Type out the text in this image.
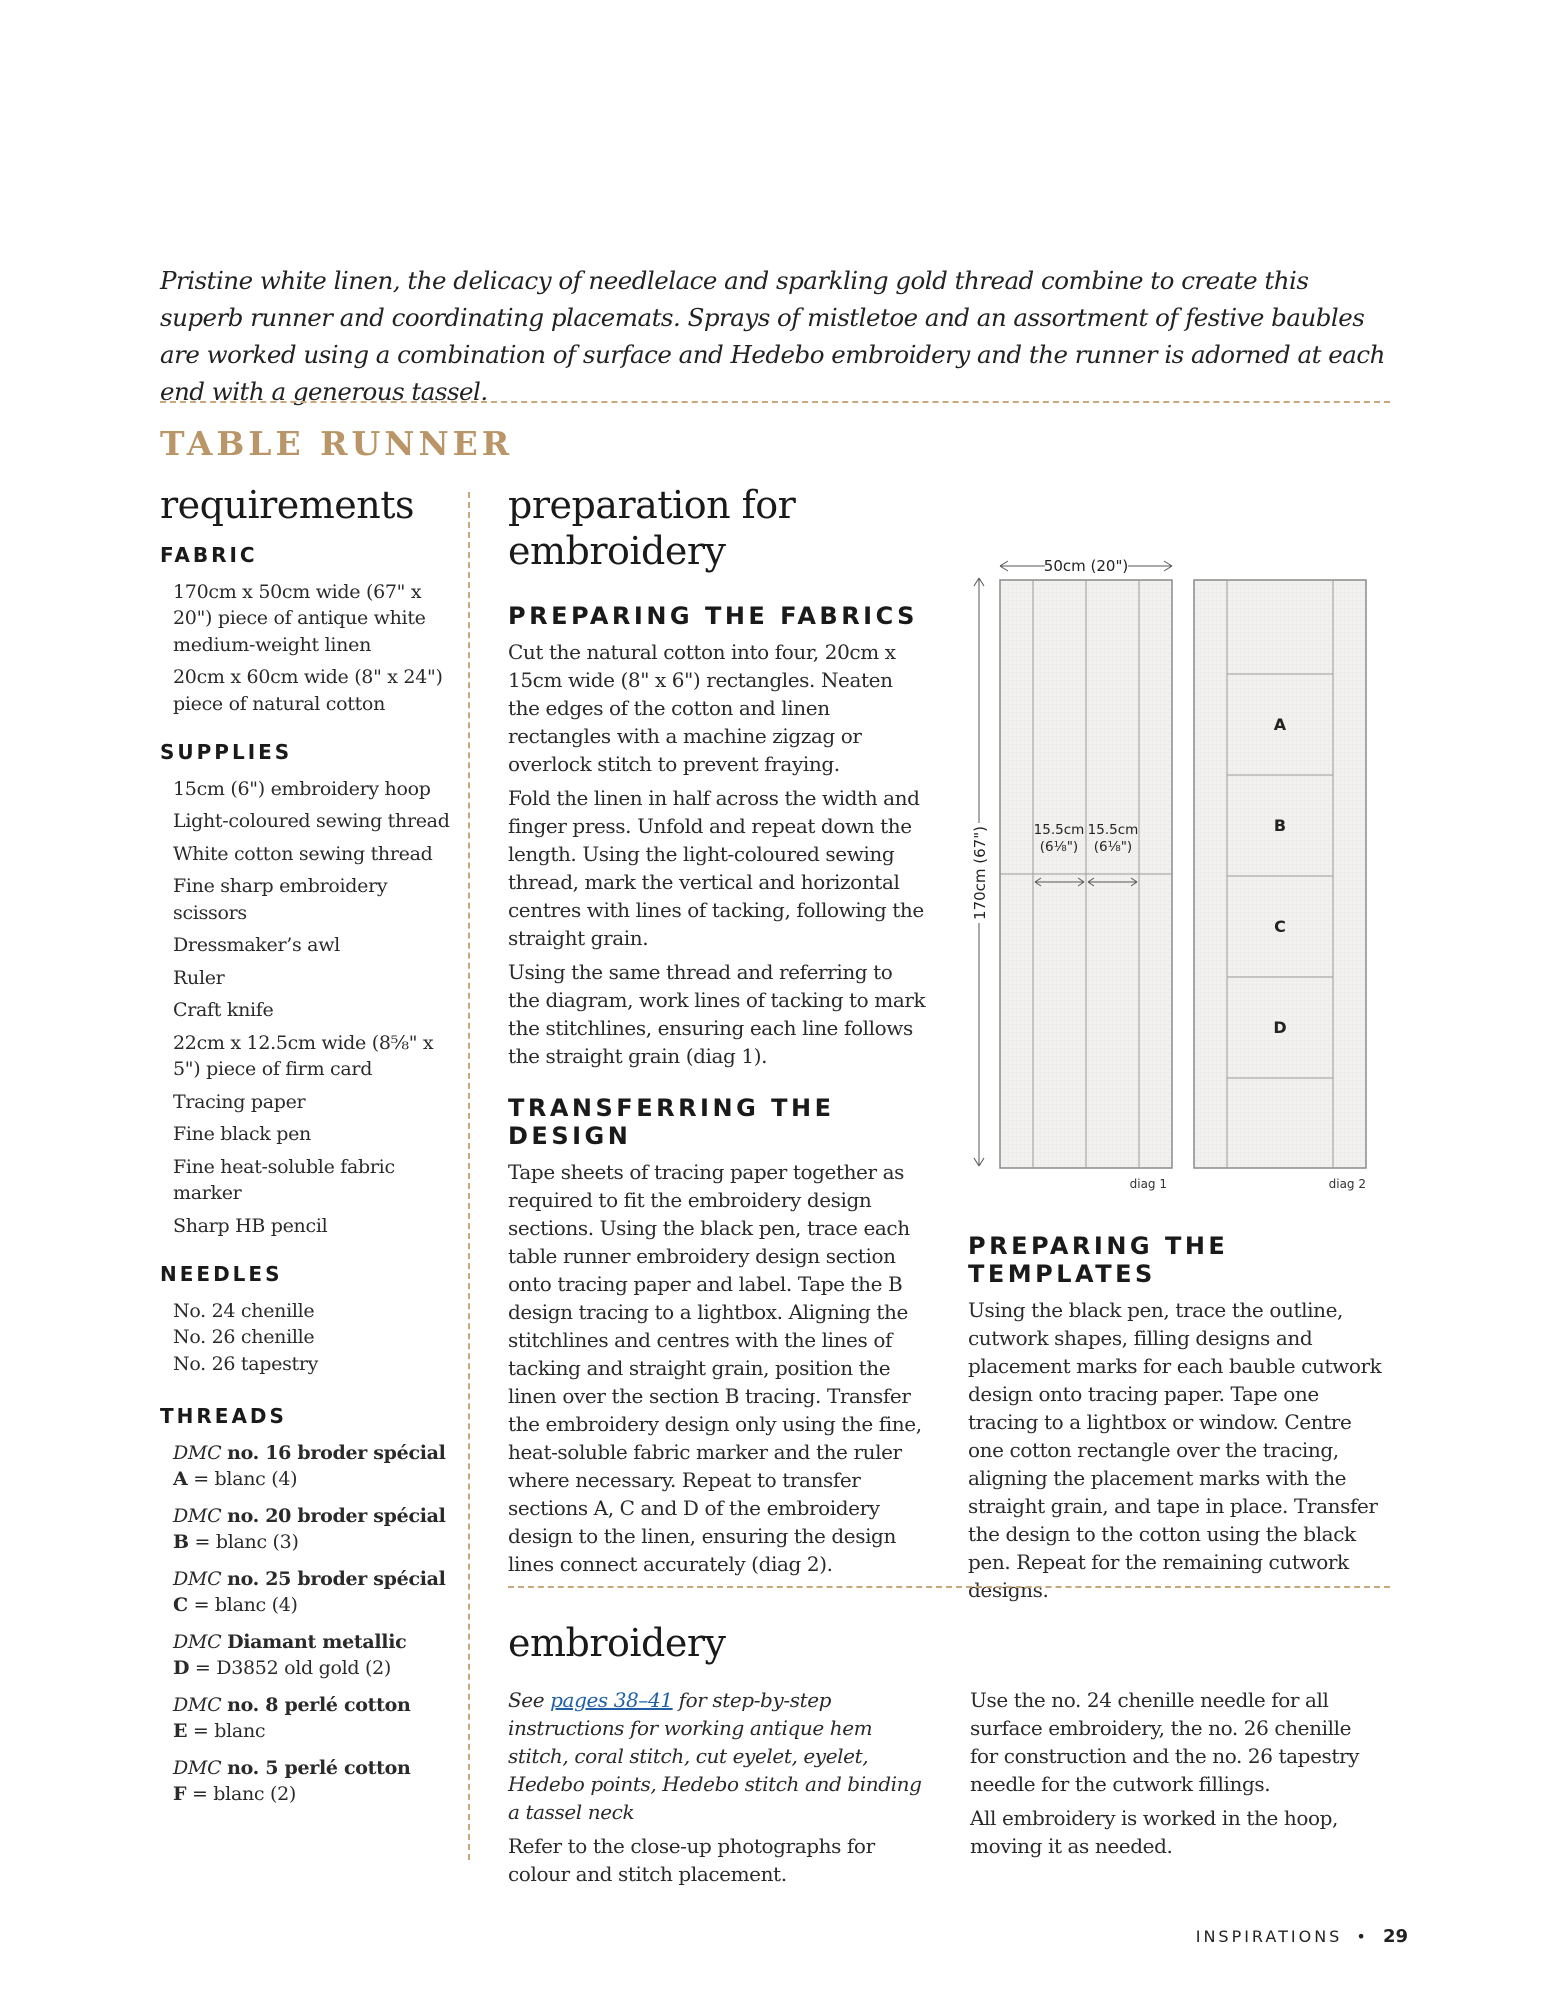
Pristine white linen, the delicacy of needlelace and sparkling gold thread combine to create this superb runner and coordinating placemats. Sprays of mistletoe and an assortment of festive baubles are worked using a combination of surface and Hedebo embroidery and the runner is adorned at each end with a generous tassel.
TABLE RUNNER
requirements
FABRIC
170cm x 50cm wide (67" x 20") piece of antique white medium-weight linen
20cm x 60cm wide (8" x 24") piece of natural cotton
SUPPLIES
15cm (6") embroidery hoop
Light-coloured sewing thread
White cotton sewing thread
Fine sharp embroidery scissors
Dressmaker’s awl
Ruler
Craft knife
22cm x 12.5cm wide (8⅝" x 5") piece of firm card
Tracing paper
Fine black pen
Fine heat-soluble fabric marker
Sharp HB pencil
NEEDLES
No. 24 chenille
No. 26 chenille
No. 26 tapestry
THREADS
DMC no. 16 broder spécial
A = blanc (4)
DMC no. 20 broder spécial
B = blanc (3)
DMC no. 25 broder spécial
C = blanc (4)
DMC Diamant metallic
D = D3852 old gold (2)
DMC no. 8 perlé cotton
E = blanc
DMC no. 5 perlé cotton
F = blanc (2)
preparation for
embroidery
PREPARING THE FABRICS

Cut the natural cotton into four, 20cm x 15cm wide (8" x 6") rectangles. Neaten the edges of the cotton and linen rectangles with a machine zigzag or overlock stitch to prevent fraying.

Fold the linen in half across the width and finger press. Unfold and repeat down the length. Using the light-coloured sewing thread, mark the vertical and horizontal centres with lines of tacking, following the straight grain.

Using the same thread and referring to the diagram, work lines of tacking to mark the stitchlines, ensuring each line follows the straight grain (diag 1).

TRANSFERRING THE DESIGN

Tape sheets of tracing paper together as required to fit the embroidery design sections. Using the black pen, trace each table runner embroidery design section onto tracing paper and label. Tape the B design tracing to a lightbox. Aligning the stitchlines and centres with the lines of tacking and straight grain, position the linen over the section B tracing. Transfer the embroidery design only using the fine, heat-soluble fabric marker and the ruler where necessary. Repeat to transfer sections A, C and D of the embroidery design to the linen, ensuring the design lines connect accurately (diag 2).

50cm (20")
170cm (67")	15.5cm
(6⅛")
15.5cm
(6⅛")
diag 1
A
B
C
D
diag 2
PREPARING THE TEMPLATES

Using the black pen, trace the outline, cutwork shapes, filling designs and placement marks for each bauble cutwork design onto tracing paper. Tape one tracing to a lightbox or window. Centre one cotton rectangle over the tracing, aligning the placement marks with the straight grain, and tape in place. Transfer the design to the cotton using the black pen. Repeat for the remaining cutwork designs.

embroidery

See pages 38–41 for step-by-step instructions for working antique hem stitch, coral stitch, cut eyelet, eyelet, Hedebo points, Hedebo stitch and binding a tassel neck

Refer to the close-up photographs for colour and stitch placement.

Use the no. 24 chenille needle for all surface embroidery, the no. 26 chenille for construction and the no. 26 tapestry needle for the cutwork fillings.

All embroidery is worked in the hoop, moving it as needed.

INSPIRATIONS • 29
